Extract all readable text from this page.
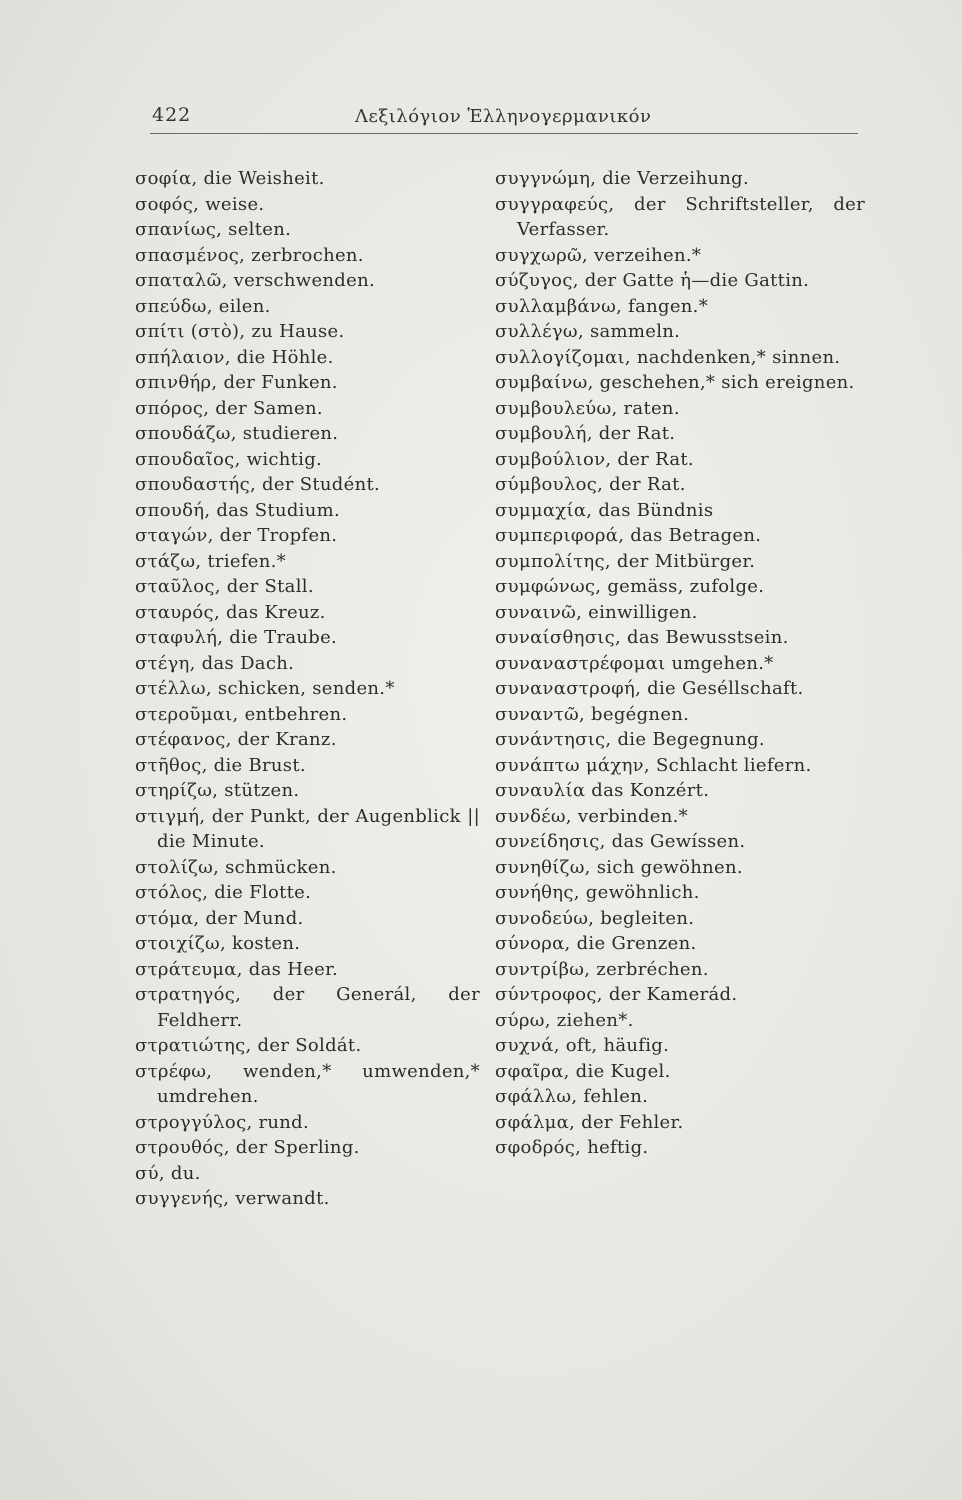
422	Λεξιλόγιον Ἑλληνογερμανικόν
σοφία, die Weisheit.
σοφός, weise.
σπανίως, selten.
σπασμένος, zerbrochen.
σπαταλῶ, verschwenden.
σπεύδω, eilen.
σπίτι (στὸ), zu Hause.
σπήλαιον, die Höhle.
σπινθήρ, der Funken.
σπόρος, der Samen.
σπουδάζω, studieren.
σπουδαῖος, wichtig.
σπουδαστής, der Studént.
σπουδή, das Studium.
σταγών, der Tropfen.
στάζω, triefen.*
σταῦλος, der Stall.
σταυρός, das Kreuz.
σταφυλή, die Traube.
στέγη, das Dach.
στέλλω, schicken, senden.*
στεροῦμαι, entbehren.
στέφανος, der Kranz.
στῆθος, die Brust.
στηρίζω, stützen.
στιγμή, der Punkt, der Augenblick || die Minute.
στολίζω, schmücken.
στόλος, die Flotte.
στόμα, der Mund.
στοιχίζω, kosten.
στράτευμα, das Heer.
στρατηγός, der Generál, der Feldherr.
στρατιώτης, der Soldát.
στρέφω, wenden,* umwenden,* umdrehen.
στρογγύλος, rund.
στρουθός, der Sperling.
σύ, du.
συγγενής, verwandt.
συγγνώμη, die Verzeihung.
συγγραφεύς, der Schriftsteller, der Verfasser.
συγχωρῶ, verzeihen.*
σύζυγος, der Gatte ἡ—die Gattin.
συλλαμβάνω, fangen.*
συλλέγω, sammeln.
συλλογίζομαι, nachdenken,* sinnen.
συμβαίνω, geschehen,* sich ereignen.
συμβουλεύω, raten.
συμβουλή, der Rat.
συμβούλιον, der Rat.
σύμβουλος, der Rat.
συμμαχία, das Bündnis
συμπεριφορά, das Betragen.
συμπολίτης, der Mitbürger.
συμφώνως, gemäss, zufolge.
συναινῶ, einwilligen.
συναίσθησις, das Bewusstsein.
συναναστρέφομαι umgehen.*
συναναστροφή, die Geséllschaft.
συναντῶ, begégnen.
συνάντησις, die Begegnung.
συνάπτω μάχην, Schlacht liefern.
συναυλία das Konzért.
συνδέω, verbinden.*
συνείδησις, das Gewíssen.
συνηθίζω, sich gewöhnen.
συνήθης, gewöhnlich.
συνοδεύω, begleiten.
σύνορα, die Grenzen.
συντρίβω, zerbréchen.
σύντροφος, der Kamerád.
σύρω, ziehen*.
συχνά, oft, häufig.
σφαῖρα, die Kugel.
σφάλλω, fehlen.
σφάλμα, der Fehler.
σφοδρός, heftig.
